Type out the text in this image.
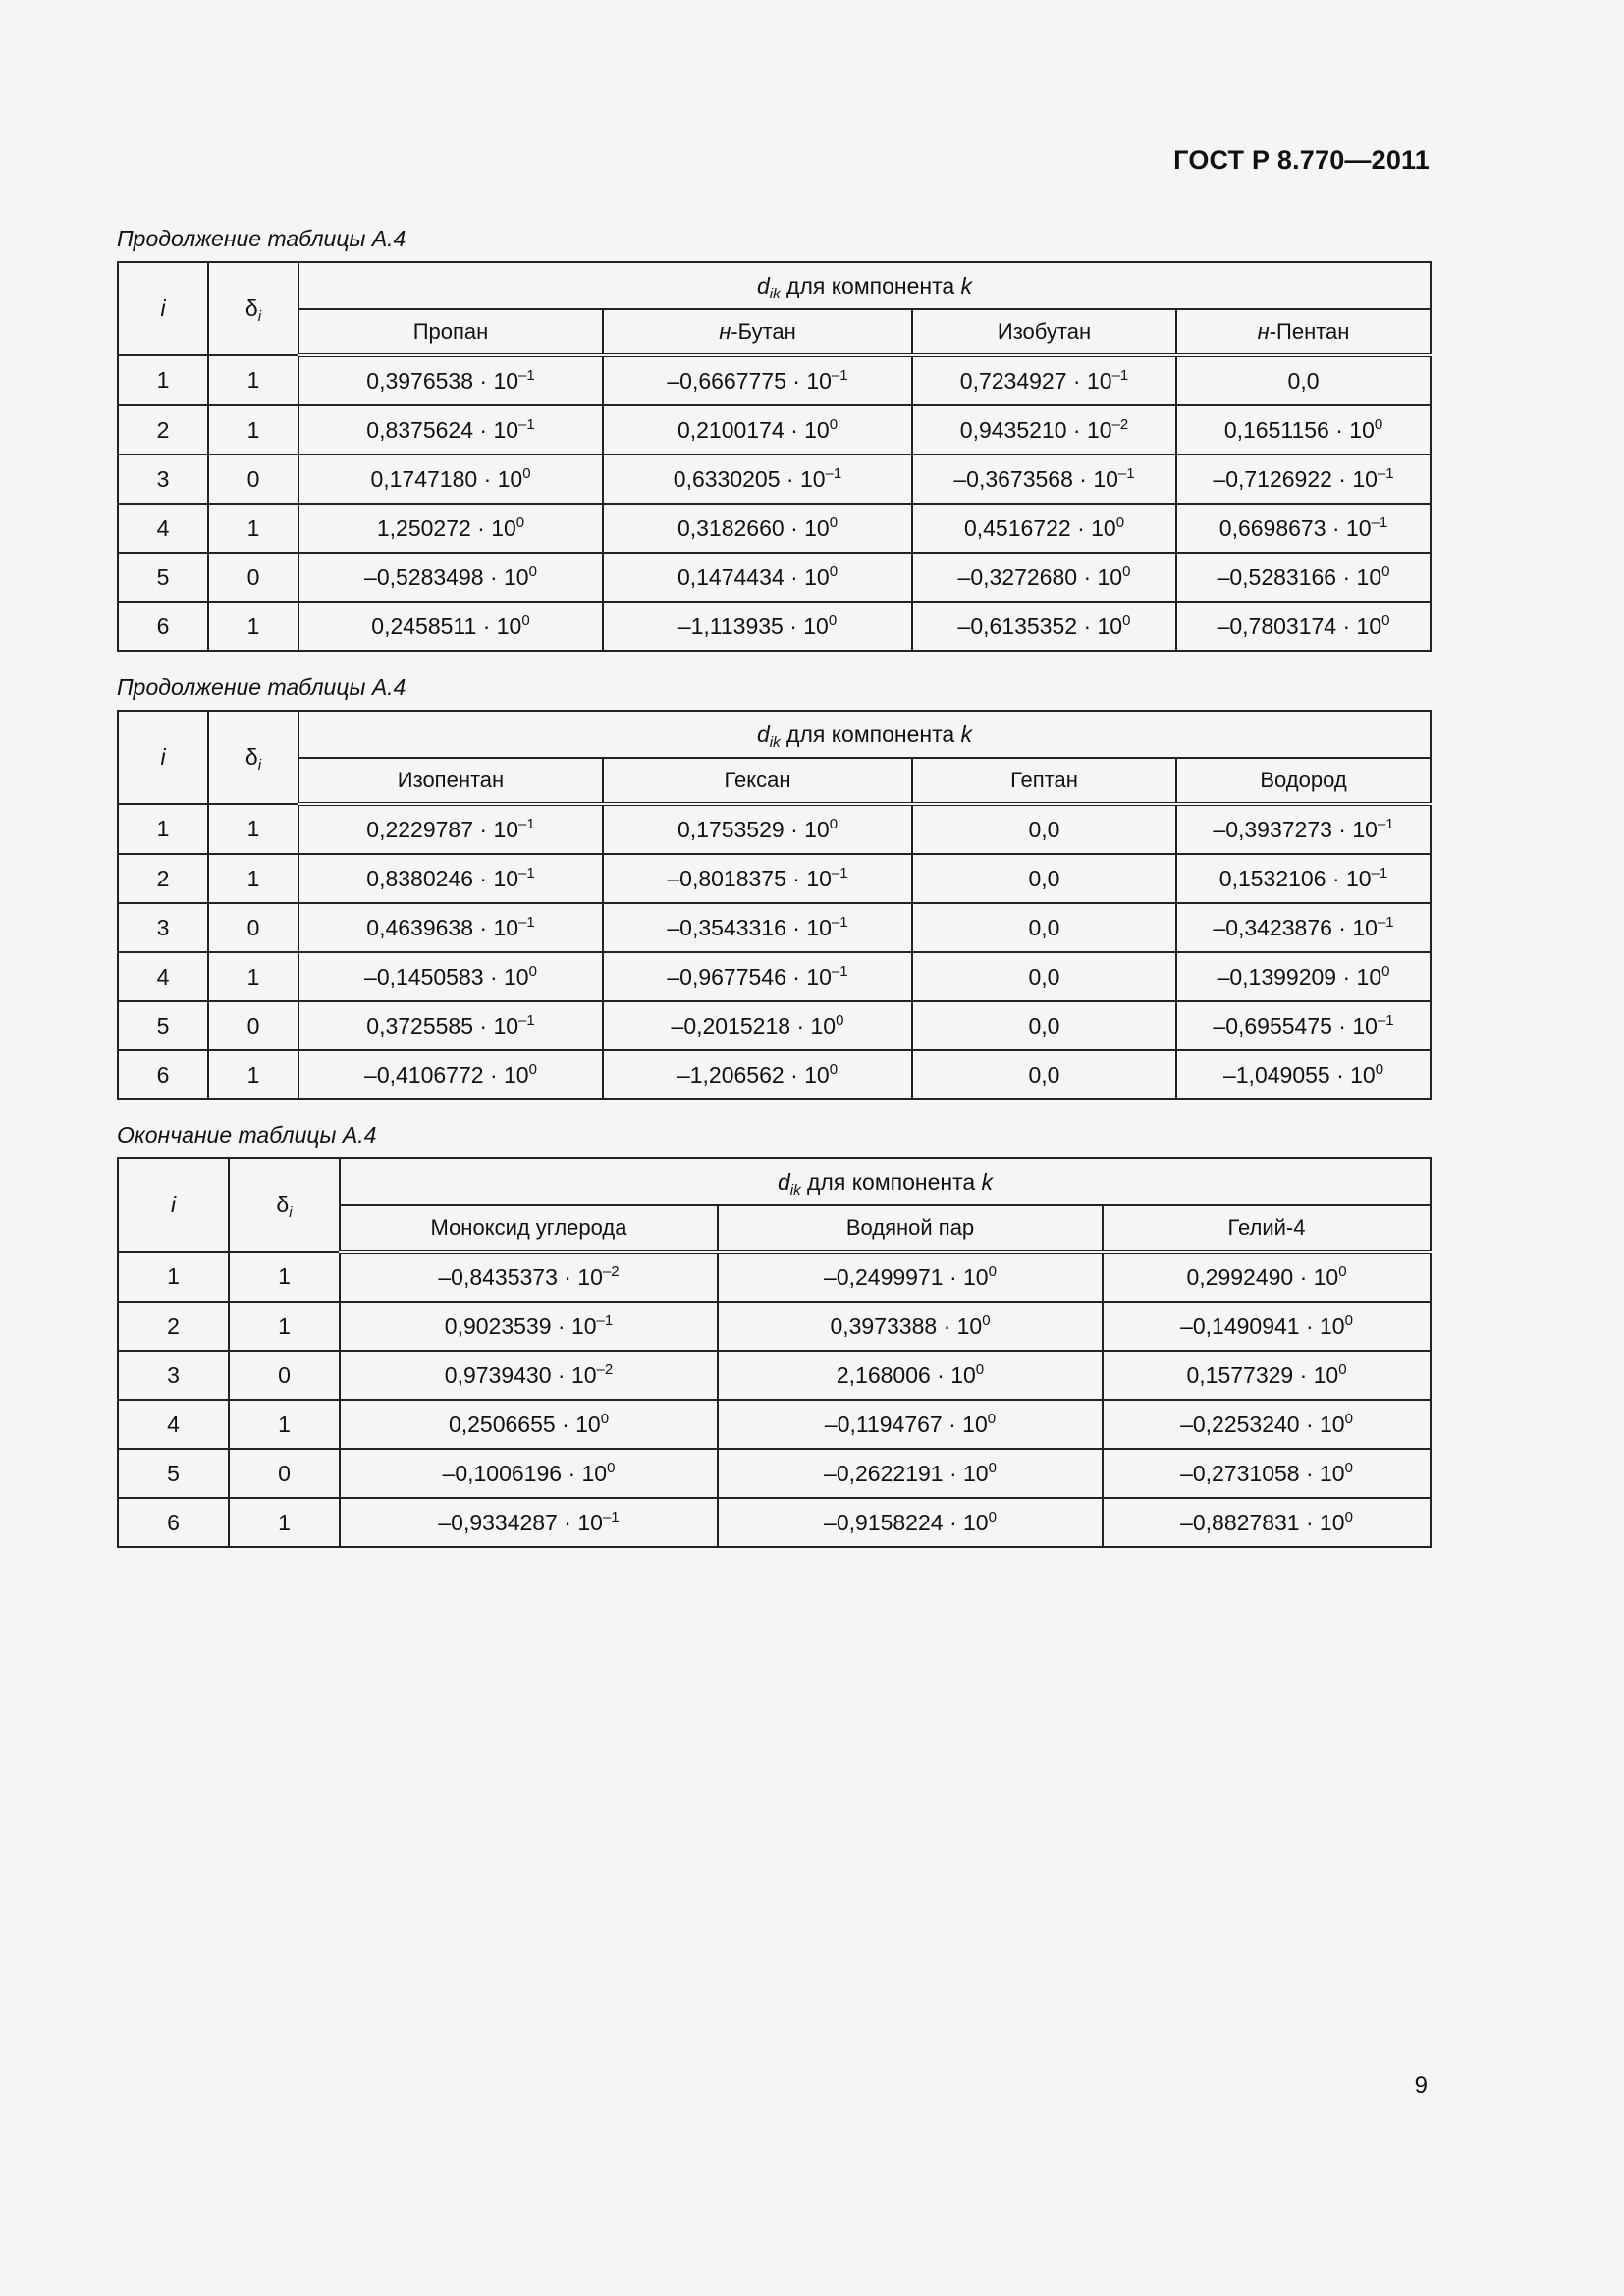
ГОСТ Р 8.770—2011
Продолжение таблицы А.4
i	$\delta_i$	$d_{ik}$ для компонента k			
		Пропан	н-Бутан	Изобутан	н-Пентан
1	1	$0,3976538 \cdot 10^{-1}$	$-0,6667775 \cdot 10^{-1}$	$0,7234927 \cdot 10^{-1}$	0,0
2	1	$0,8375624 \cdot 10^{-1}$	$0,2100174 \cdot 10^0$	$0,9435210 \cdot 10^{-2}$	$0,1651156 \cdot 10^0$
3	0	$0,1747180 \cdot 10^0$	$0,6330205 \cdot 10^{-1}$	$-0,3673568 \cdot 10^{-1}$	$-0,7126922 \cdot 10^{-1}$
4	1	$1,250272 \cdot 10^0$	$0,3182660 \cdot 10^0$	$0,4516722 \cdot 10^0$	$0,6698673 \cdot 10^{-1}$
5	0	$-0,5283498 \cdot 10^0$	$0,1474434 \cdot 10^0$	$-0,3272680 \cdot 10^0$	$-0,5283166 \cdot 10^0$
6	1	$0,2458511 \cdot 10^0$	$-1,113935 \cdot 10^0$	$-0,6135352 \cdot 10^0$	$-0,7803174 \cdot 10^0$
Продолжение таблицы А.4
i	$\delta_i$	$d_{ik}$ для компонента k			
		Изопентан	Гексан	Гептан	Водород
1	1	$0,2229787 \cdot 10^{-1}$	$0,1753529 \cdot 10^0$	0,0	$-0,3937273 \cdot 10^{-1}$
2	1	$0,8380246 \cdot 10^{-1}$	$-0,8018375 \cdot 10^{-1}$	0,0	$0,1532106 \cdot 10^{-1}$
3	0	$0,4639638 \cdot 10^{-1}$	$-0,3543316 \cdot 10^{-1}$	0,0	$-0,3423876 \cdot 10^{-1}$
4	1	$-0,1450583 \cdot 10^0$	$-0,9677546 \cdot 10^{-1}$	0,0	$-0,1399209 \cdot 10^0$
5	0	$0,3725585 \cdot 10^{-1}$	$-0,2015218 \cdot 10^0$	0,0	$-0,6955475 \cdot 10^{-1}$
6	1	$-0,4106772 \cdot 10^0$	$-1,206562 \cdot 10^0$	0,0	$-1,049055 \cdot 10^0$
Окончание таблицы А.4
i	$\delta_i$	$d_{ik}$ для компонента k		
		Моноксид углерода	Водяной пар	Гелий-4
1	1	$-0,8435373 \cdot 10^{-2}$	$-0,2499971 \cdot 10^0$	$0,2992490 \cdot 10^0$
2	1	$0,9023539 \cdot 10^{-1}$	$0,3973388 \cdot 10^0$	$-0,1490941 \cdot 10^0$
3	0	$0,9739430 \cdot 10^{-2}$	$2,168006 \cdot 10^0$	$0,1577329 \cdot 10^0$
4	1	$0,2506655 \cdot 10^0$	$-0,1194767 \cdot 10^0$	$-0,2253240 \cdot 10^0$
5	0	$-0,1006196 \cdot 10^0$	$-0,2622191 \cdot 10^0$	$-0,2731058 \cdot 10^0$
6	1	$-0,9334287 \cdot 10^{-1}$	$-0,9158224 \cdot 10^0$	$-0,8827831 \cdot 10^0$
9
